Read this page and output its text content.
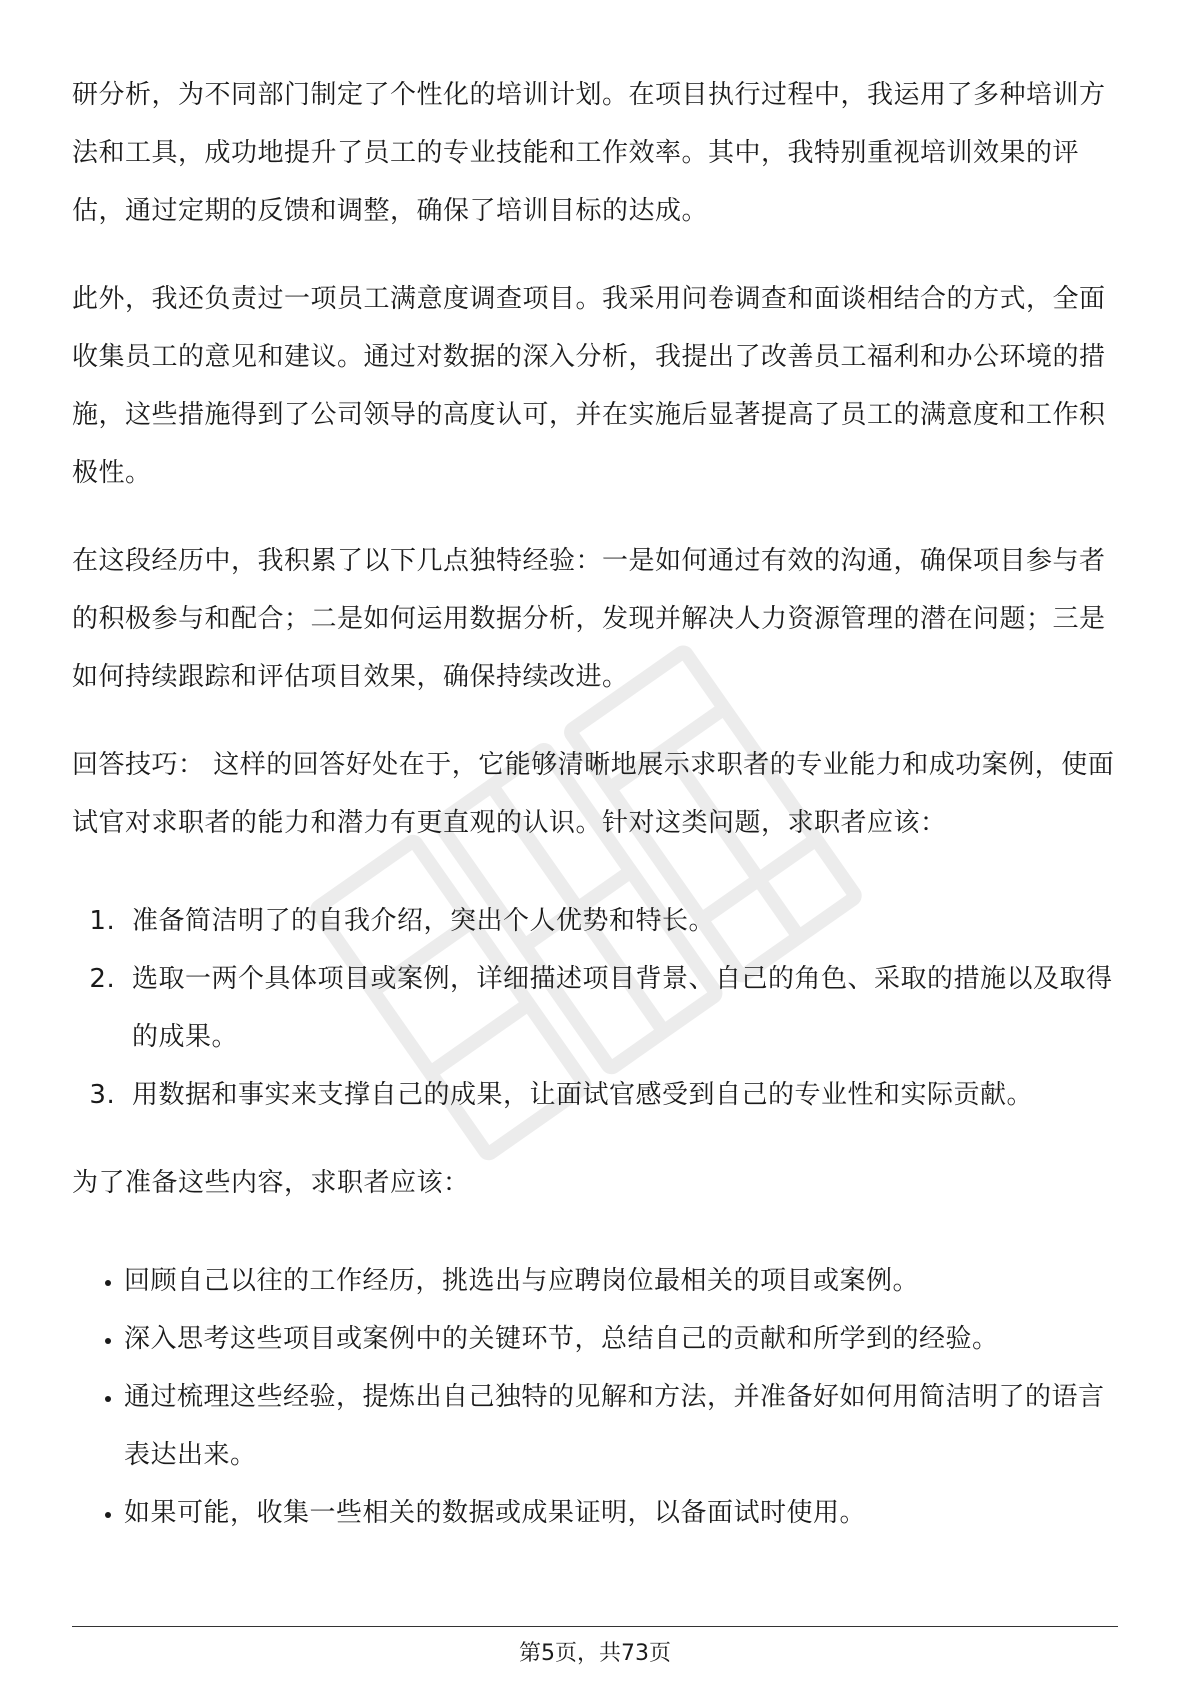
研分析，为不同部门制定了个性化的培训计划。在项目执行过程中，我运用了多种培训方法和工具，成功地提升了员工的专业技能和工作效率。其中，我特别重视培训效果的评估，通过定期的反馈和调整，确保了培训目标的达成。

此外，我还负责过一项员工满意度调查项目。我采用问卷调查和面谈相结合的方式，全面收集员工的意见和建议。通过对数据的深入分析，我提出了改善员工福利和办公环境的措施，这些措施得到了公司领导的高度认可，并在实施后显著提高了员工的满意度和工作积极性。

在这段经历中，我积累了以下几点独特经验：一是如何通过有效的沟通，确保项目参与者的积极参与和配合；二是如何运用数据分析，发现并解决人力资源管理的潜在问题；三是如何持续跟踪和评估项目效果，确保持续改进。

回答技巧： 这样的回答好处在于，它能够清晰地展示求职者的专业能力和成功案例，使面试官对求职者的能力和潜力有更直观的认识。针对这类问题，求职者应该：

1. 准备简洁明了的自我介绍，突出个人优势和特长。
2. 选取一两个具体项目或案例，详细描述项目背景、自己的角色、采取的措施以及取得的成果。
3. 用数据和事实来支撑自己的成果，让面试官感受到自己的专业性和实际贡献。

为了准备这些内容，求职者应该：

• 回顾自己以往的工作经历，挑选出与应聘岗位最相关的项目或案例。
• 深入思考这些项目或案例中的关键环节，总结自己的贡献和所学到的经验。
• 通过梳理这些经验，提炼出自己独特的见解和方法，并准备好如何用简洁明了的语言表达出来。
• 如果可能，收集一些相关的数据或成果证明，以备面试时使用。
第5页，共73页
